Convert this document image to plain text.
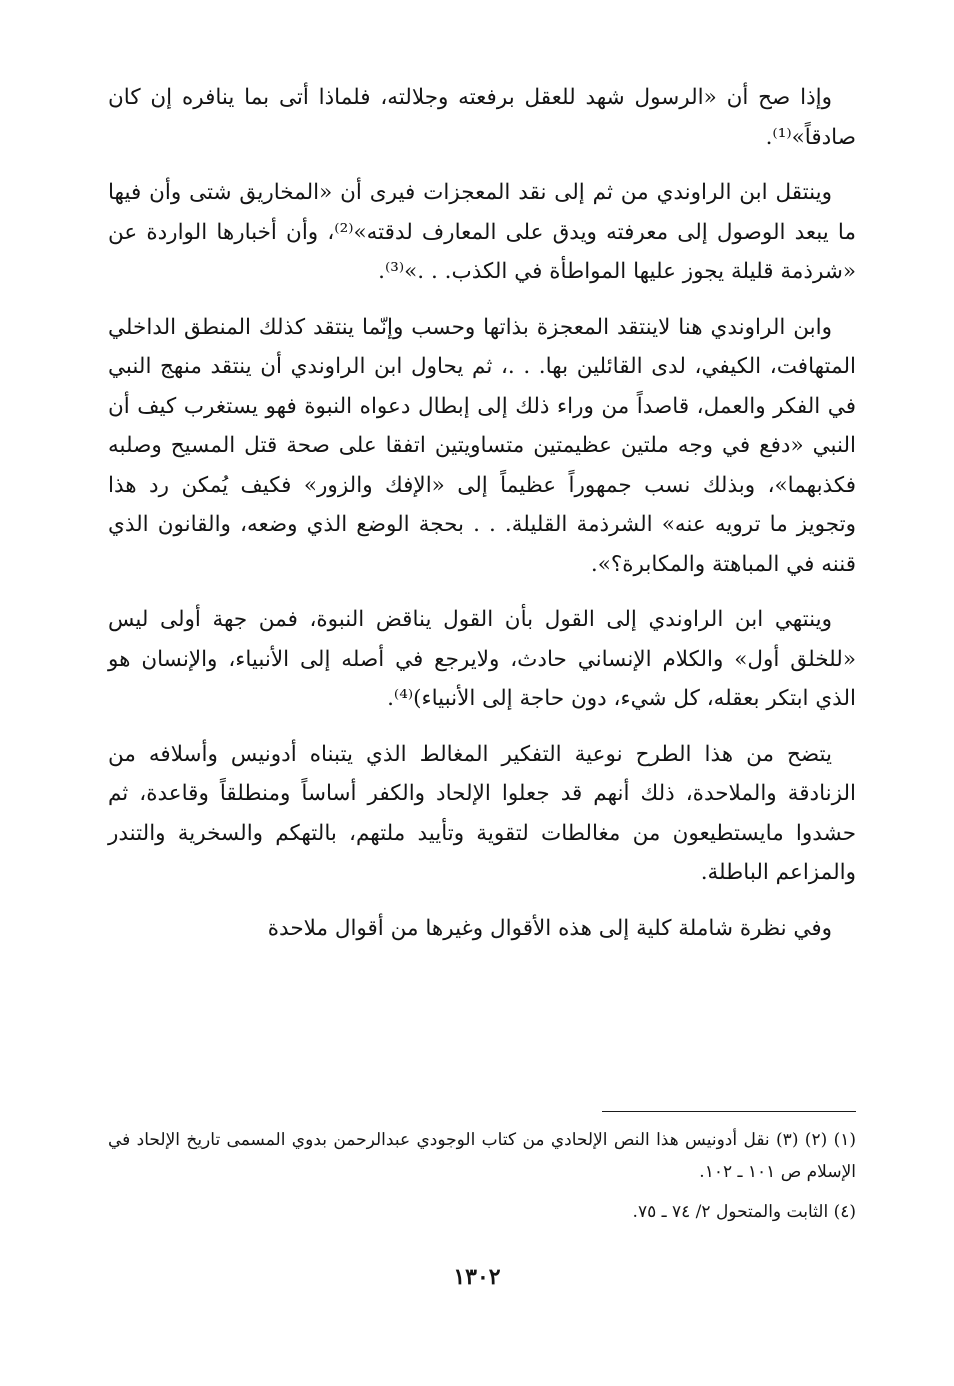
وإذا صح أن «الرسول شهد للعقل برفعته وجلالته، فلماذا أتى بما ينافره إن كان صادقاً»⁽¹⁾.

وينتقل ابن الراوندي من ثم إلى نقد المعجزات فيرى أن «المخاريق شتى وأن فيها ما يبعد الوصول إلى معرفته ويدق على المعارف لدقته»⁽²⁾، وأن أخبارها الواردة عن «شرذمة قليلة يجوز عليها المواطأة في الكذب. . .»⁽³⁾.

وابن الراوندي هنا لاينتقد المعجزة بذاتها وحسب وإنّما ينتقد كذلك المنطق الداخلي المتهافت، الكيفي، لدى القائلين بها. . .، ثم يحاول ابن الراوندي أن ينتقد منهج النبي في الفكر والعمل، قاصداً من وراء ذلك إلى إبطال دعواه النبوة فهو يستغرب كيف أن النبي «دفع في وجه ملتين عظيمتين متساويتين اتفقا على صحة قتل المسيح وصلبه فكذبهما»، وبذلك نسب جمهوراً عظيماً إلى «الإفك والزور» فكيف يُمكن رد هذا وتجويز ما ترويه عنه» الشرذمة القليلة. . . بحجة الوضع الذي وضعه، والقانون الذي قننه في المباهتة والمكابرة؟».

وينتهي ابن الراوندي إلى القول بأن القول يناقض النبوة، فمن جهة أولى ليس «للخلق أول» والكلام الإنساني حادث، ولايرجع في أصله إلى الأنبياء، والإنسان هو الذي ابتكر بعقله، كل شيء، دون حاجة إلى الأنبياء)⁽⁴⁾.

يتضح من هذا الطرح نوعية التفكير المغالط الذي يتبناه أدونيس وأسلافه من الزنادقة والملاحدة، ذلك أنهم قد جعلوا الإلحاد والكفر أساساً ومنطلقاً وقاعدة، ثم حشدوا مايستطيعون من مغالطات لتقوية وتأييد ملتهم، بالتهكم والسخرية والتندر والمزاعم الباطلة.

وفي نظرة شاملة كلية إلى هذه الأقوال وغيرها من أقوال ملاحدة

(١) (٢) (٣) نقل أدونيس هذا النص الإلحادي من كتاب الوجودي عبدالرحمن بدوي المسمى تاريخ الإلحاد في الإسلام ص ١٠١ ـ ١٠٢.

(٤) الثابت والمتحول ٢/ ٧٤ ـ ٧٥.

١٣٠٢
